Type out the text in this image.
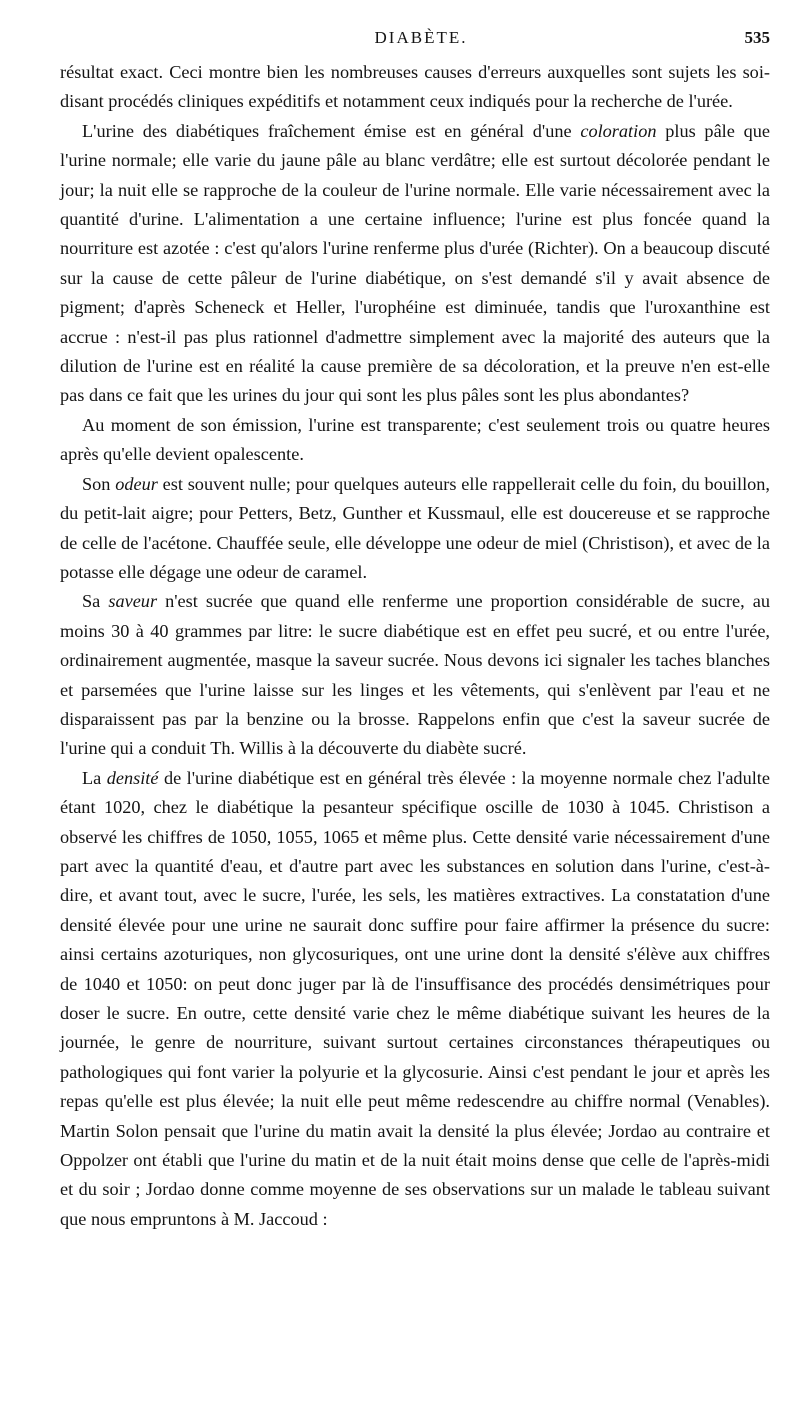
DIABÈTE.	535

résultat exact. Ceci montre bien les nombreuses causes d'erreurs auxquelles sont sujets les soi-disant procédés cliniques expéditifs et notamment ceux indiqués pour la recherche de l'urée.

L'urine des diabétiques fraîchement émise est en général d'une coloration plus pâle que l'urine normale; elle varie du jaune pâle au blanc verdâtre; elle est surtout décolorée pendant le jour; la nuit elle se rapproche de la couleur de l'urine normale. Elle varie nécessairement avec la quantité d'urine. L'alimentation a une certaine influence; l'urine est plus foncée quand la nourriture est azotée : c'est qu'alors l'urine renferme plus d'urée (Richter). On a beaucoup discuté sur la cause de cette pâleur de l'urine diabétique, on s'est demandé s'il y avait absence de pigment; d'après Scheneck et Heller, l'urophéine est diminuée, tandis que l'uroxanthine est accrue : n'est-il pas plus rationnel d'admettre simplement avec la majorité des auteurs que la dilution de l'urine est en réalité la cause première de sa décoloration, et la preuve n'en est-elle pas dans ce fait que les urines du jour qui sont les plus pâles sont les plus abondantes?

Au moment de son émission, l'urine est transparente; c'est seulement trois ou quatre heures après qu'elle devient opalescente.

Son odeur est souvent nulle; pour quelques auteurs elle rappellerait celle du foin, du bouillon, du petit-lait aigre; pour Petters, Betz, Gunther et Kussmaul, elle est doucereuse et se rapproche de celle de l'acétone. Chauffée seule, elle développe une odeur de miel (Christison), et avec de la potasse elle dégage une odeur de caramel.

Sa saveur n'est sucrée que quand elle renferme une proportion considérable de sucre, au moins 30 à 40 grammes par litre: le sucre diabétique est en effet peu sucré, et ou entre l'urée, ordinairement augmentée, masque la saveur sucrée. Nous devons ici signaler les taches blanches et parsemées que l'urine laisse sur les linges et les vêtements, qui s'enlèvent par l'eau et ne disparaissent pas par la benzine ou la brosse. Rappelons enfin que c'est la saveur sucrée de l'urine qui a conduit Th. Willis à la découverte du diabète sucré.

La densité de l'urine diabétique est en général très élevée : la moyenne normale chez l'adulte étant 1020, chez le diabétique la pesanteur spécifique oscille de 1030 à 1045. Christison a observé les chiffres de 1050, 1055, 1065 et même plus. Cette densité varie nécessairement d'une part avec la quantité d'eau, et d'autre part avec les substances en solution dans l'urine, c'est-à-dire, et avant tout, avec le sucre, l'urée, les sels, les matières extractives. La constatation d'une densité élevée pour une urine ne saurait donc suffire pour faire affirmer la présence du sucre: ainsi certains azoturiques, non glycosuriques, ont une urine dont la densité s'élève aux chiffres de 1040 et 1050: on peut donc juger par là de l'insuffisance des procédés densimétriques pour doser le sucre. En outre, cette densité varie chez le même diabétique suivant les heures de la journée, le genre de nourriture, suivant surtout certaines circonstances thérapeutiques ou pathologiques qui font varier la polyurie et la glycosurie. Ainsi c'est pendant le jour et après les repas qu'elle est plus élevée; la nuit elle peut même redescendre au chiffre normal (Venables). Martin Solon pensait que l'urine du matin avait la densité la plus élevée; Jordao au contraire et Oppolzer ont établi que l'urine du matin et de la nuit était moins dense que celle de l'après-midi et du soir ; Jordao donne comme moyenne de ses observations sur un malade le tableau suivant que nous empruntons à M. Jaccoud :
